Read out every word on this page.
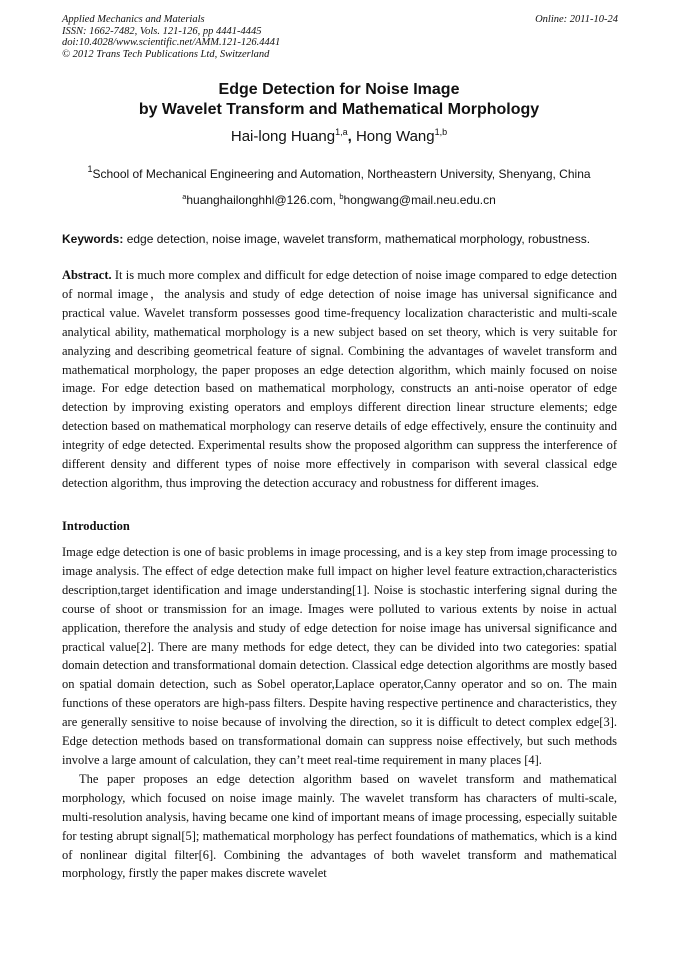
Applied Mechanics and Materials
ISSN: 1662-7482, Vols. 121-126, pp 4441-4445
doi:10.4028/www.scientific.net/AMM.121-126.4441
© 2012 Trans Tech Publications Ltd, Switzerland
Online: 2011-10-24
Edge Detection for Noise Image
by Wavelet Transform and Mathematical Morphology
Hai-long Huang$^{1,a}$, Hong Wang$^{1,b}$
$^1$School of Mechanical Engineering and Automation, Northeastern University, Shenyang, China
$^a$huanghailonghhl@126.com, $^b$hongwang@mail.neu.edu.cn
Keywords: edge detection, noise image, wavelet transform, mathematical morphology, robustness.

Abstract. It is much more complex and difficult for edge detection of noise image compared to edge detection of normal image，the analysis and study of edge detection of noise image has universal significance and practical value. Wavelet transform possesses good time-frequency localization characteristic and multi-scale analytical ability, mathematical morphology is a new subject based on set theory, which is very suitable for analyzing and describing geometrical feature of signal. Combining the advantages of wavelet transform and mathematical morphology, the paper proposes an edge detection algorithm, which mainly focused on noise image. For edge detection based on mathematical morphology, constructs an anti-noise operator of edge detection by improving existing operators and employs different direction linear structure elements; edge detection based on mathematical morphology can reserve details of edge effectively, ensure the continuity and integrity of edge detected. Experimental results show the proposed algorithm can suppress the interference of different density and different types of noise more effectively in comparison with several classical edge detection algorithm, thus improving the detection accuracy and robustness for different images.

Introduction

Image edge detection is one of basic problems in image processing, and is a key step from image processing to image analysis. The effect of edge detection make full impact on higher level feature extraction,characteristics description,target identification and image understanding[1]. Noise is stochastic interfering signal during the course of shoot or transmission for an image. Images were polluted to various extents by noise in actual application, therefore the analysis and study of edge detection for noise image has universal significance and practical value[2]. There are many methods for edge detect, they can be divided into two categories: spatial domain detection and transformational domain detection. Classical edge detection algorithms are mostly based on spatial domain detection, such as Sobel operator,Laplace operator,Canny operator and so on. The main functions of these operators are high-pass filters. Despite having respective pertinence and characteristics, they are generally sensitive to noise because of involving the direction, so it is difficult to detect complex edge[3]. Edge detection methods based on transformational domain can suppress noise effectively, but such methods involve a large amount of calculation, they can’t meet real-time requirement in many places [4].

The paper proposes an edge detection algorithm based on wavelet transform and mathematical morphology, which focused on noise image mainly. The wavelet transform has characters of multi-scale, multi-resolution analysis, having became one kind of important means of image processing, especially suitable for testing abrupt signal[5]; mathematical morphology has perfect foundations of mathematics, which is a kind of nonlinear digital filter[6]. Combining the advantages of both wavelet transform and mathematical morphology, firstly the paper makes discrete wavelet
